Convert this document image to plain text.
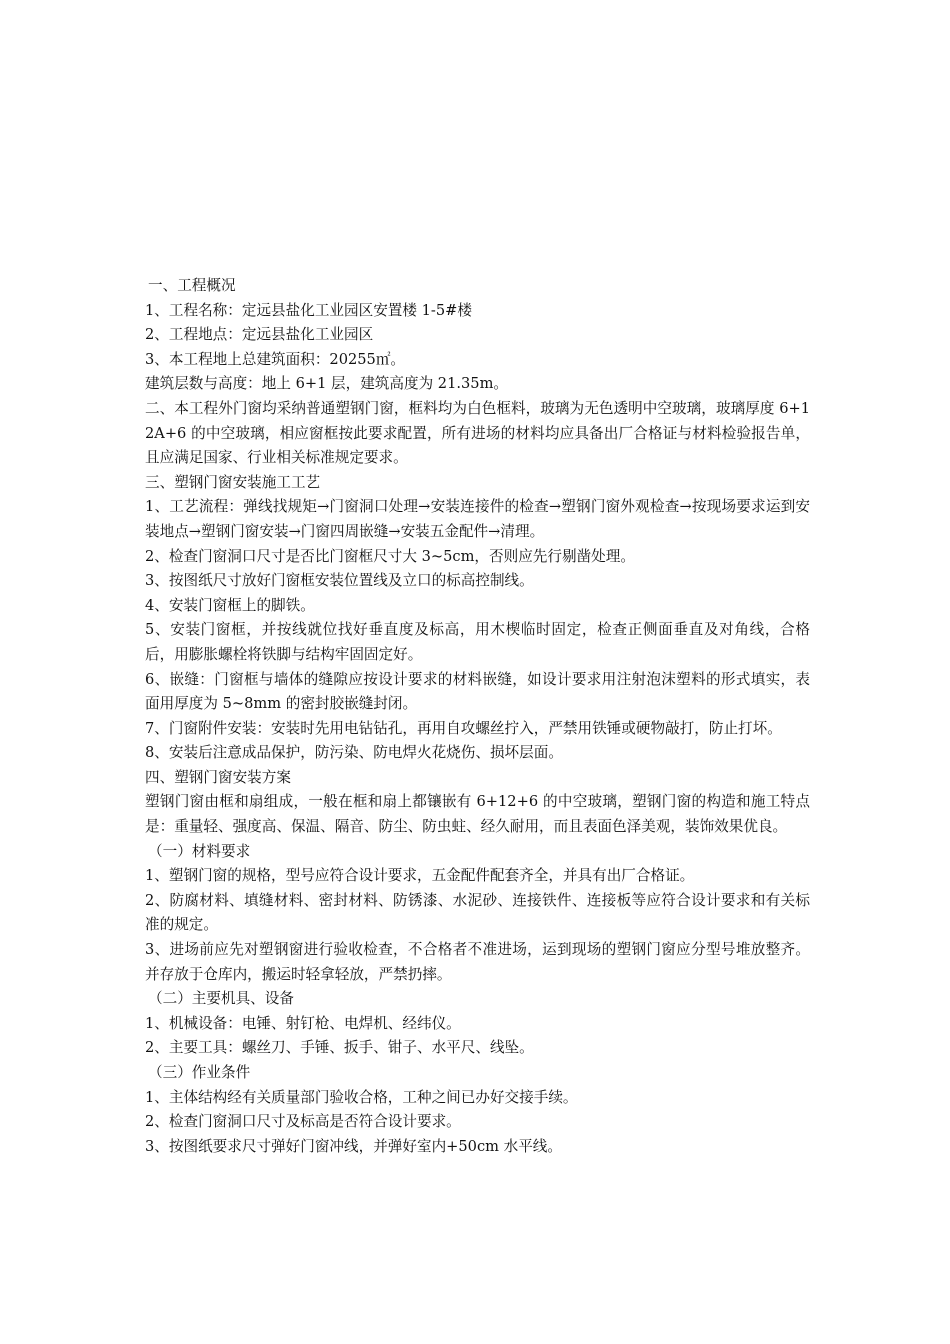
一、工程概况

1、工程名称：定远县盐化工业园区安置楼 1-5#楼

2、工程地点：定远县盐化工业园区

3、本工程地上总建筑面积：20255㎡。

建筑层数与高度：地上 6+1 层，建筑高度为 21.35m。

二、本工程外门窗均采纳普通塑钢门窗，框料均为白色框料，玻璃为无色透明中空玻璃，玻璃厚度 6+12A+6 的中空玻璃，相应窗框按此要求配置，所有进场的材料均应具备出厂合格证与材料检验报告单，且应满足国家、行业相关标准规定要求。

三、塑钢门窗安装施工工艺

1、工艺流程：弹线找规矩→门窗洞口处理→安装连接件的检查→塑钢门窗外观检查→按现场要求运到安装地点→塑钢门窗安装→门窗四周嵌缝→安装五金配件→清理。

2、检查门窗洞口尺寸是否比门窗框尺寸大 3~5cm，否则应先行剔凿处理。

3、按图纸尺寸放好门窗框安装位置线及立口的标高控制线。

4、安装门窗框上的脚铁。

5、安装门窗框，并按线就位找好垂直度及标高，用木楔临时固定，检查正侧面垂直及对角线，合格后，用膨胀螺栓将铁脚与结构牢固固定好。

6、嵌缝：门窗框与墙体的缝隙应按设计要求的材料嵌缝，如设计要求用注射泡沫塑料的形式填实，表面用厚度为 5~8mm 的密封胶嵌缝封闭。

7、门窗附件安装：安装时先用电钻钻孔，再用自攻螺丝拧入，严禁用铁锤或硬物敲打，防止打坏。

8、安装后注意成品保护，防污染、防电焊火花烧伤、损坏层面。

四、塑钢门窗安装方案

塑钢门窗由框和扇组成，一般在框和扇上都镶嵌有 6+12+6 的中空玻璃，塑钢门窗的构造和施工特点是：重量轻、强度高、保温、隔音、防尘、防虫蛀、经久耐用，而且表面色泽美观，装饰效果优良。

（一）材料要求

1、塑钢门窗的规格，型号应符合设计要求，五金配件配套齐全，并具有出厂合格证。

2、防腐材料、填缝材料、密封材料、防锈漆、水泥砂、连接铁件、连接板等应符合设计要求和有关标准的规定。

3、进场前应先对塑钢窗进行验收检查，不合格者不准进场，运到现场的塑钢门窗应分型号堆放整齐。并存放于仓库内，搬运时轻拿轻放，严禁扔摔。

（二）主要机具、设备

1、机械设备：电锤、射钉枪、电焊机、经纬仪。

2、主要工具：螺丝刀、手锤、扳手、钳子、水平尺、线坠。

（三）作业条件

1、主体结构经有关质量部门验收合格，工种之间已办好交接手续。

2、检查门窗洞口尺寸及标高是否符合设计要求。

3、按图纸要求尺寸弹好门窗冲线，并弹好室内+50cm 水平线。
